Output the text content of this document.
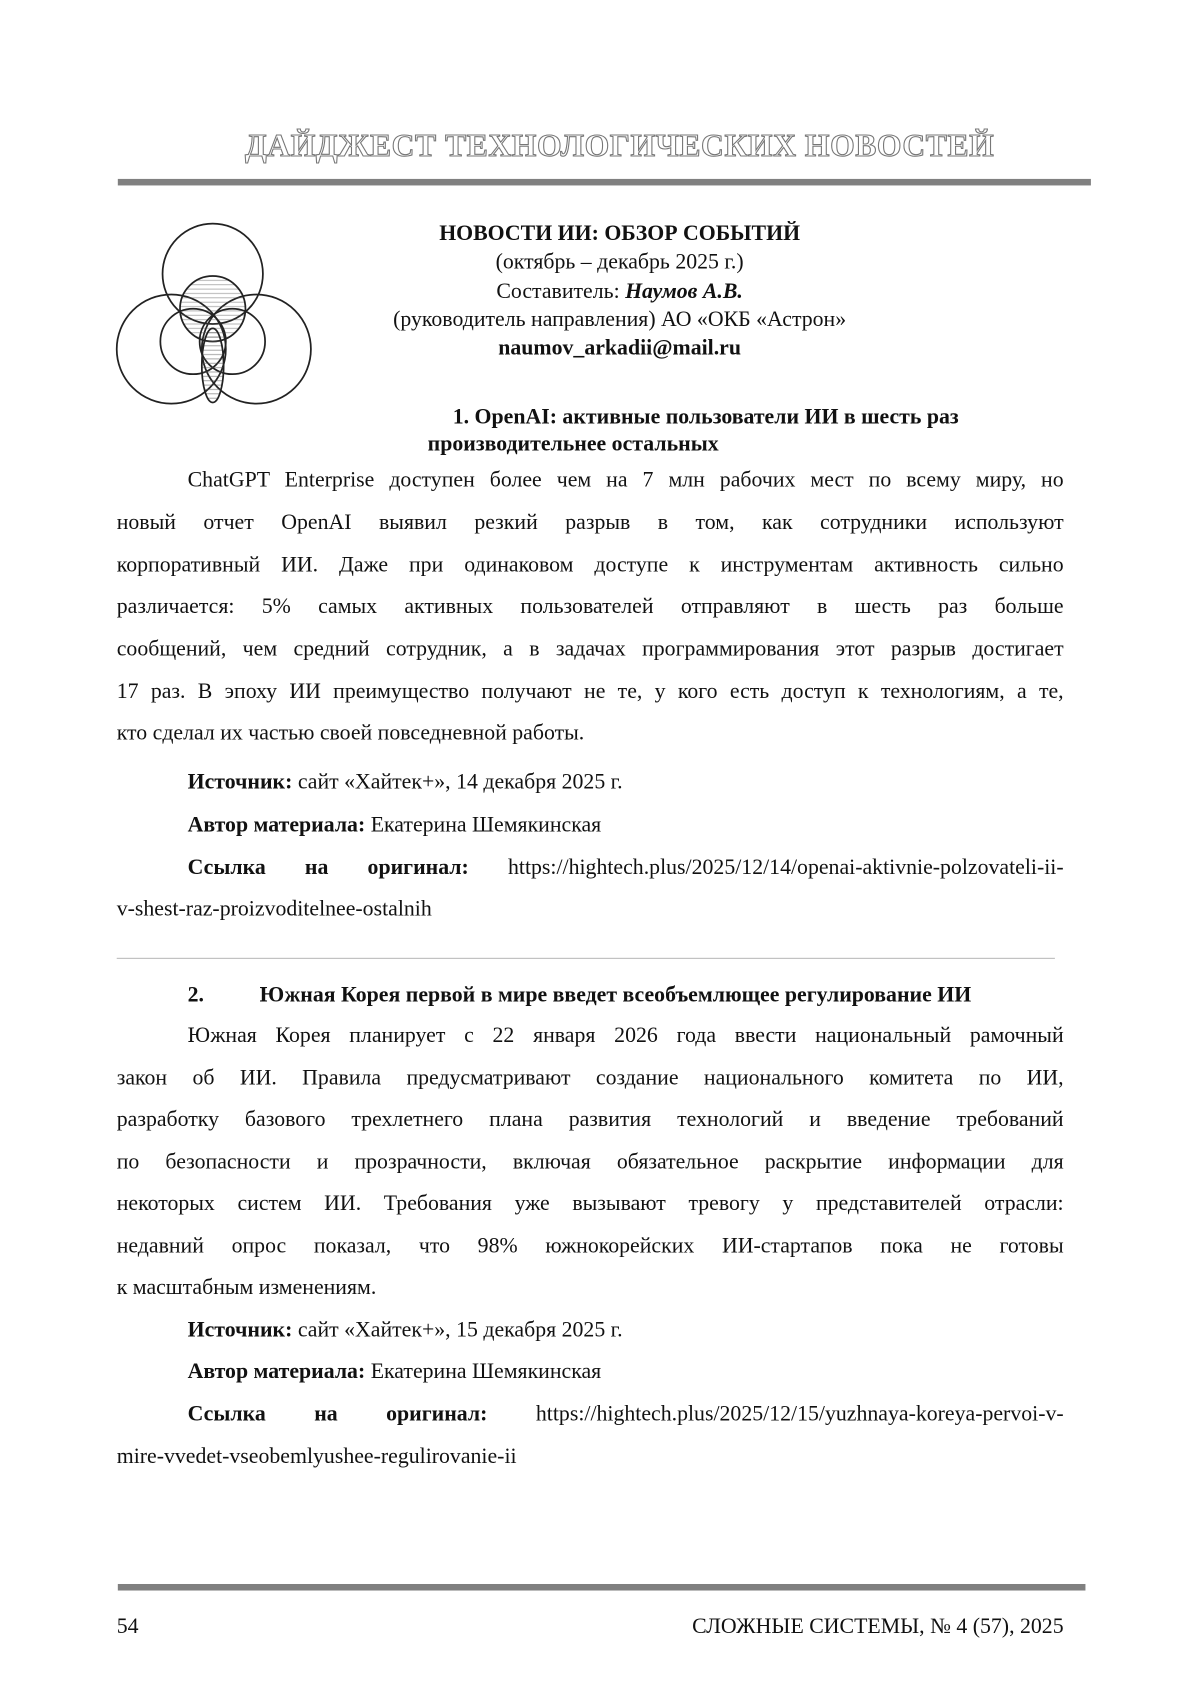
ДАЙДЖЕСТ ТЕХНОЛОГИЧЕСКИХ НОВОСТЕЙ
НОВОСТИ ИИ: ОБЗОР СОБЫТИЙ
(октябрь – декабрь 2025 г.)
Составитель: Наумов А.В.
(руководитель направления) АО «ОКБ «Астрон»
naumov_arkadii@mail.ru
1. OpenAI: активные пользователи ИИ в шесть раз
производительнее остальных
ChatGPT Enterprise доступен более чем на 7 млн рабочих мест по всему миру, но
новый отчет OpenAI выявил резкий разрыв в том, как сотрудники используют
корпоративный ИИ. Даже при одинаковом доступе к инструментам активность сильно
различается: 5% самых активных пользователей отправляют в шесть раз больше
сообщений, чем средний сотрудник, а в задачах программирования этот разрыв достигает
17 раз. В эпоху ИИ преимущество получают не те, у кого есть доступ к технологиям, а те,
кто сделал их частью своей повседневной работы.
Источник: сайт «Хайтек+», 14 декабря 2025 г.
Автор материала: Екатерина Шемякинская
Ссылка на оригинал: https://hightech.plus/2025/12/14/openai-aktivnie-polzovateli-ii-
v-shest-raz-proizvoditelnee-ostalnih
2.	Южная Корея первой в мире введет всеобъемлющее регулирование ИИ
Южная Корея планирует с 22 января 2026 года ввести национальный рамочный
закон об ИИ. Правила предусматривают создание национального комитета по ИИ,
разработку базового трехлетнего плана развития технологий и введение требований
по безопасности и прозрачности, включая обязательное раскрытие информации для
некоторых систем ИИ. Требования уже вызывают тревогу у представителей отрасли:
недавний опрос показал, что 98% южнокорейских ИИ-стартапов пока не готовы
к масштабным изменениям.
Источник: сайт «Хайтек+», 15 декабря 2025 г.
Автор материала: Екатерина Шемякинская
Ссылка на оригинал: https://hightech.plus/2025/12/15/yuzhnaya-koreya-pervoi-v-
mire-vvedet-vseobemlyushee-regulirovanie-ii
54	СЛОЖНЫЕ СИСТЕМЫ, № 4 (57), 2025
